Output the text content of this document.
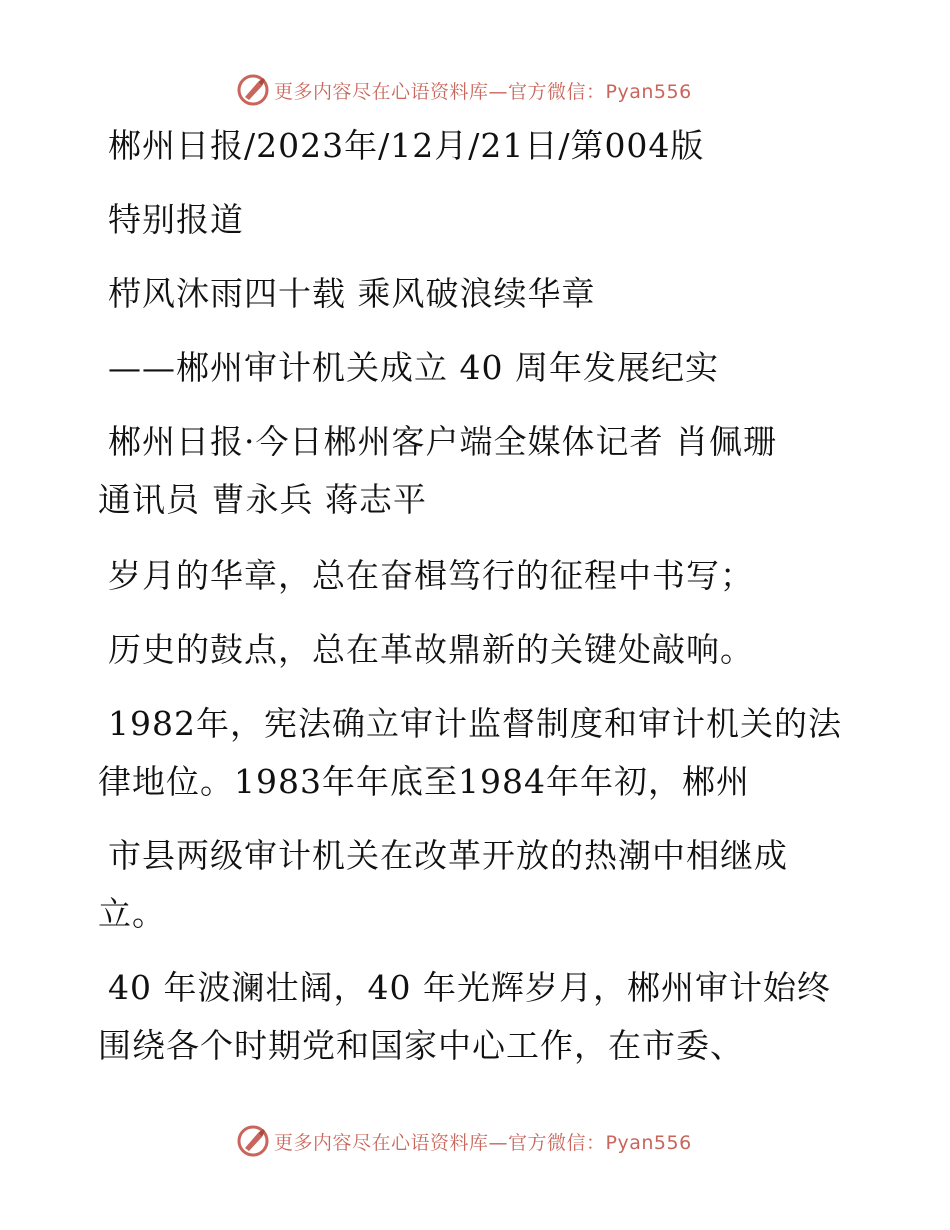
更多内容尽在心语资料库—官方微信：Pyan556
郴州日报/2023年/12月/21日/第004版
特别报道
栉风沐雨四十载 乘风破浪续华章
——郴州审计机关成立 40 周年发展纪实
郴州日报·今日郴州客户端全媒体记者 肖佩珊
通讯员 曹永兵 蒋志平
岁月的华章，总在奋楫笃行的征程中书写；
历史的鼓点，总在革故鼎新的关键处敲响。
1982年，宪法确立审计监督制度和审计机关的法
律地位。1983年年底至1984年年初，郴州
市县两级审计机关在改革开放的热潮中相继成
立。
40 年波澜壮阔，40 年光辉岁月，郴州审计始终
围绕各个时期党和国家中心工作，在市委、
更多内容尽在心语资料库—官方微信：Pyan556
